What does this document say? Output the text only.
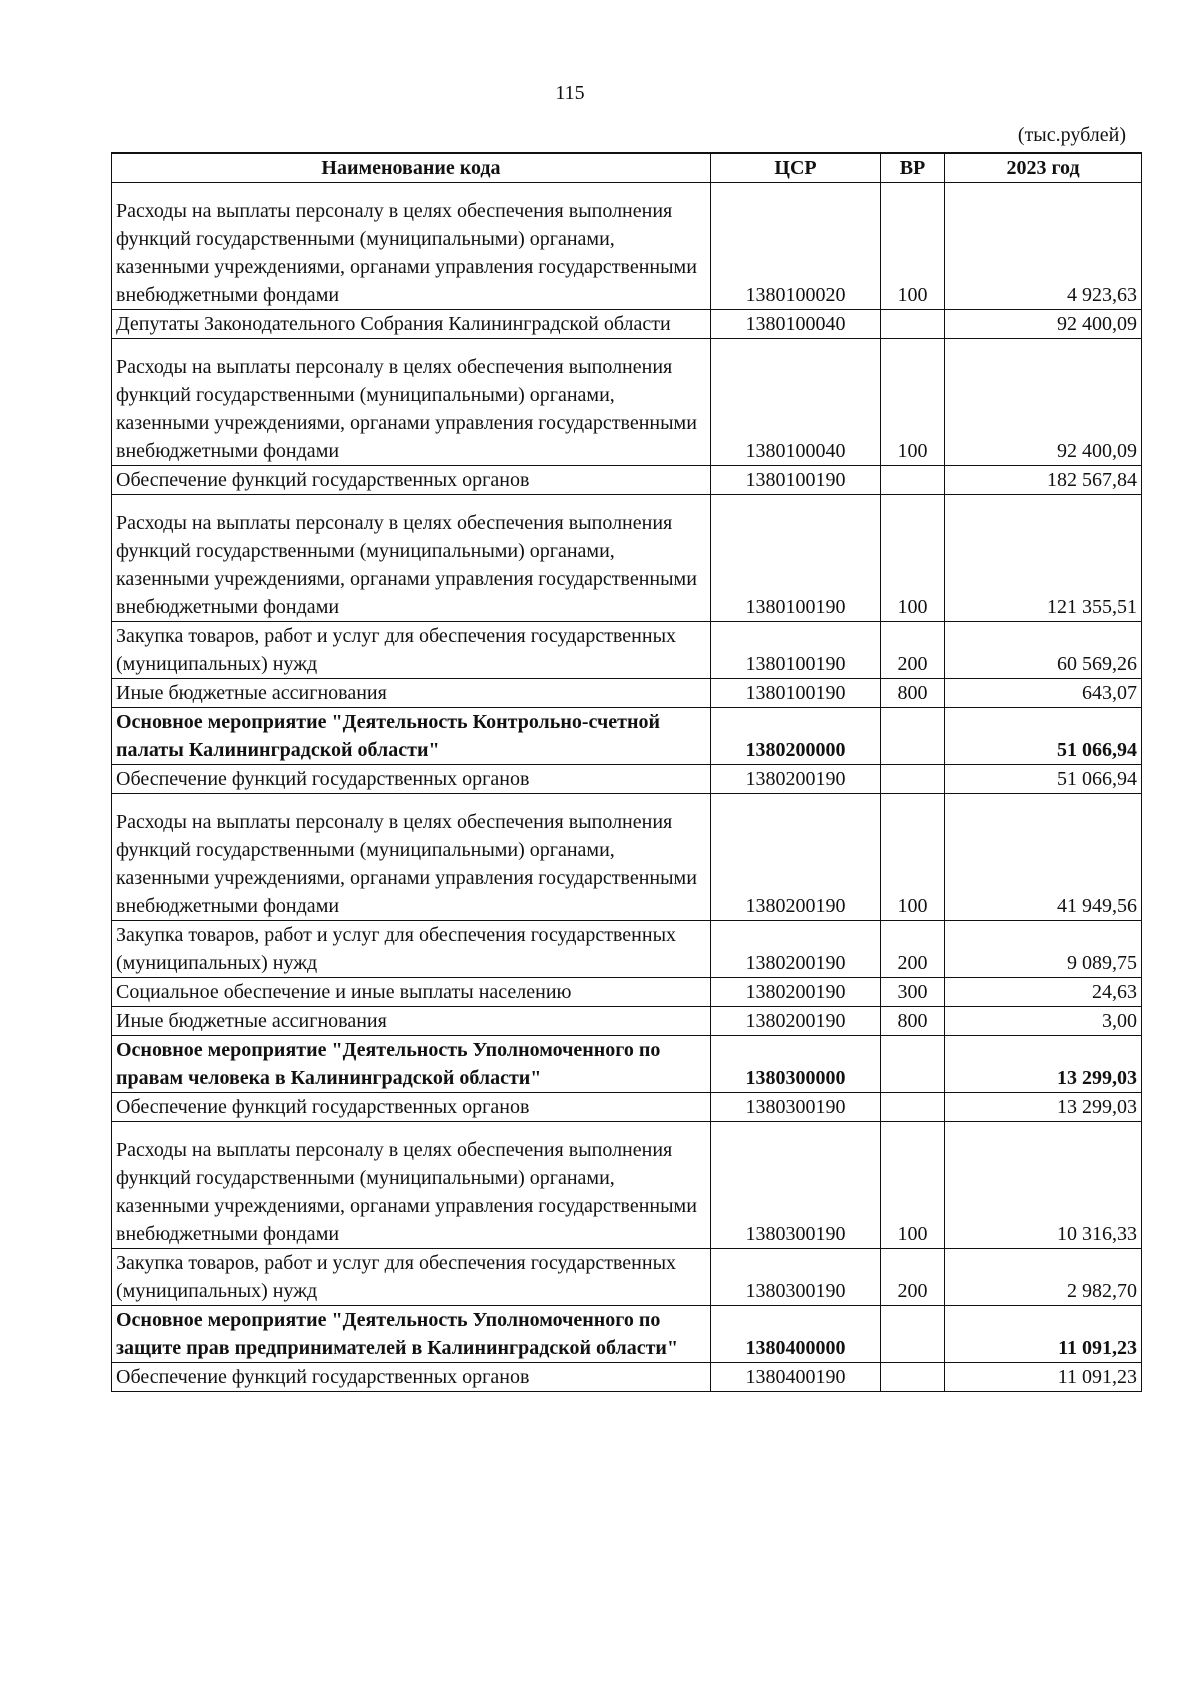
115
(тыс.рублей)
Наименование кода	ЦСР	ВР	2023 год
Расходы на выплаты персоналу в целях обеспечения выполнения функций государственными (муниципальными) органами, казенными учреждениями, органами управления государственными внебюджетными фондами	1380100020	100	4 923,63
Депутаты Законодательного Собрания Калининградской области	1380100040		92 400,09
Расходы на выплаты персоналу в целях обеспечения выполнения функций государственными (муниципальными) органами, казенными учреждениями, органами управления государственными внебюджетными фондами	1380100040	100	92 400,09
Обеспечение функций государственных органов	1380100190		182 567,84
Расходы на выплаты персоналу в целях обеспечения выполнения функций государственными (муниципальными) органами, казенными учреждениями, органами управления государственными внебюджетными фондами	1380100190	100	121 355,51
Закупка товаров, работ и услуг для обеспечения государственных (муниципальных) нужд	1380100190	200	60 569,26
Иные бюджетные ассигнования	1380100190	800	643,07
Основное мероприятие "Деятельность Контрольно-счетной палаты Калининградской области"	1380200000		51 066,94
Обеспечение функций государственных органов	1380200190		51 066,94
Расходы на выплаты персоналу в целях обеспечения выполнения функций государственными (муниципальными) органами, казенными учреждениями, органами управления государственными внебюджетными фондами	1380200190	100	41 949,56
Закупка товаров, работ и услуг для обеспечения государственных (муниципальных) нужд	1380200190	200	9 089,75
Социальное обеспечение и иные выплаты населению	1380200190	300	24,63
Иные бюджетные ассигнования	1380200190	800	3,00
Основное мероприятие "Деятельность Уполномоченного по правам человека в Калининградской области"	1380300000		13 299,03
Обеспечение функций государственных органов	1380300190		13 299,03
Расходы на выплаты персоналу в целях обеспечения выполнения функций государственными (муниципальными) органами, казенными учреждениями, органами управления государственными внебюджетными фондами	1380300190	100	10 316,33
Закупка товаров, работ и услуг для обеспечения государственных (муниципальных) нужд	1380300190	200	2 982,70
Основное мероприятие "Деятельность Уполномоченного по защите прав предпринимателей в Калининградской области"	1380400000		11 091,23
Обеспечение функций государственных органов	1380400190		11 091,23
